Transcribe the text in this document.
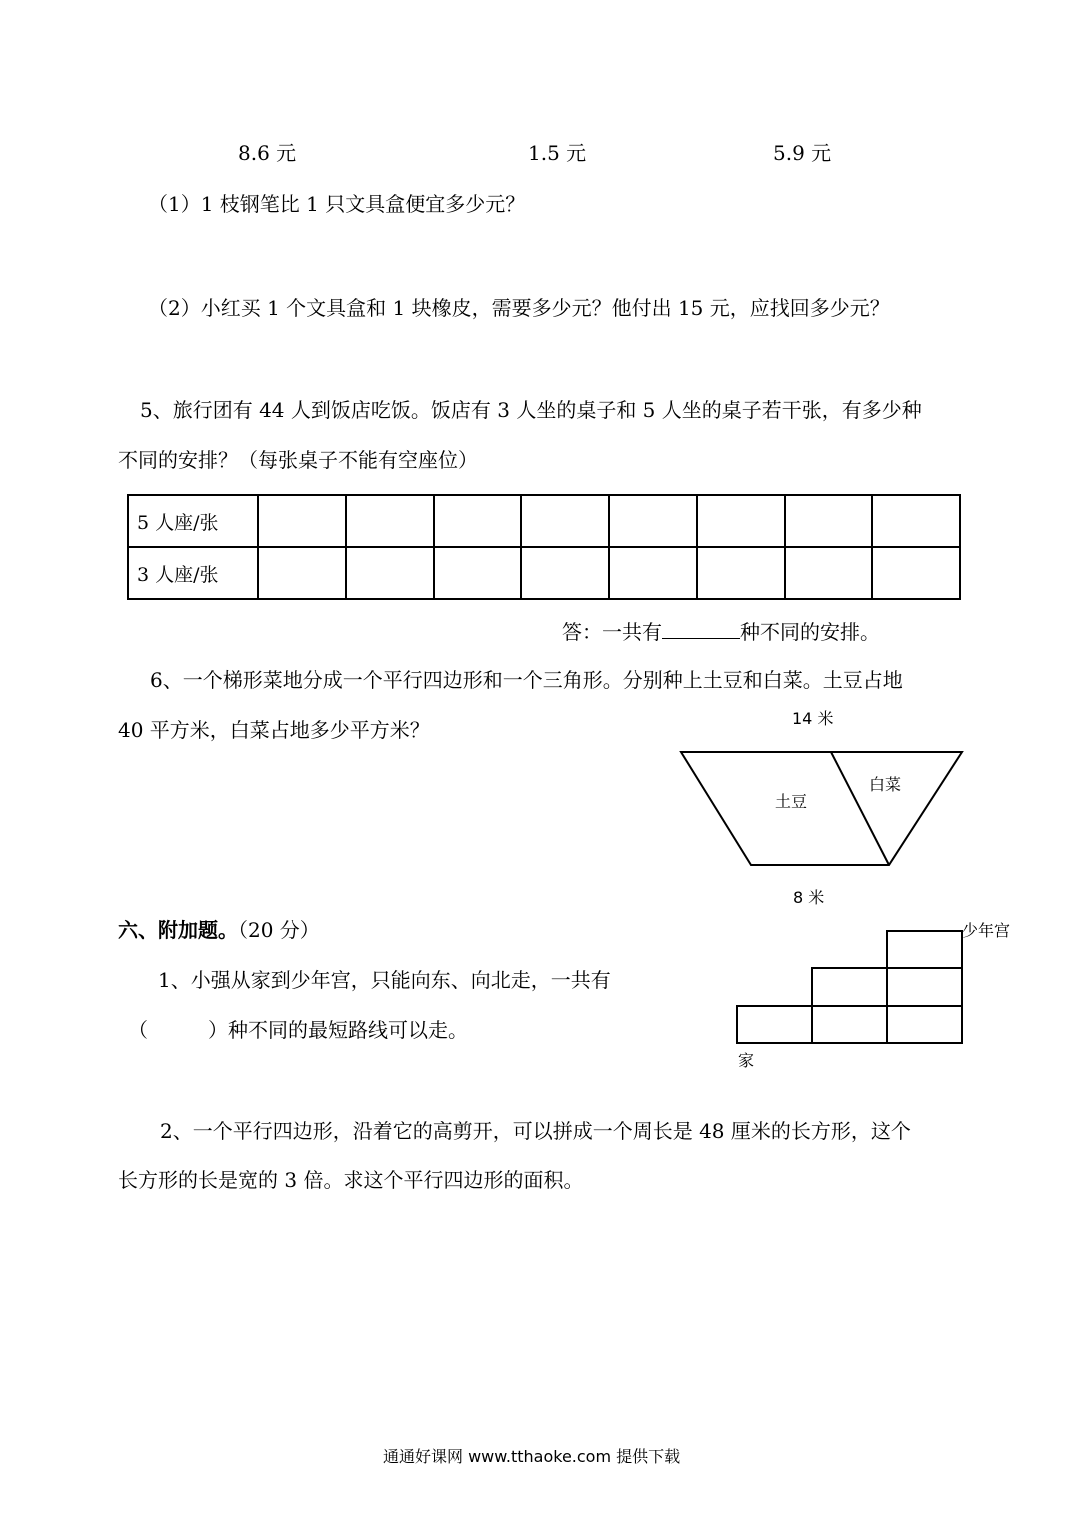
8.6 元	1.5 元	5.9 元
（1）1 枝钢笔比 1 只文具盒便宜多少元？
（2）小红买 1 个文具盒和 1 块橡皮，需要多少元？他付出 15 元，应找回多少元？
5、旅行团有 44 人到饭店吃饭。饭店有 3 人坐的桌子和 5 人坐的桌子若干张，有多少种
不同的安排？（每张桌子不能有空座位）
5 人座/张								
3 人座/张								
答：一共有	种不同的安排。
6、一个梯形菜地分成一个平行四边形和一个三角形。分别种上土豆和白菜。土豆占地
40 平方米，白菜占地多少平方米？	14 米
土豆
白菜
8 米
六、附加题。（20 分）
1、小强从家到少年宫，只能向东、向北走，一共有
（　　　）种不同的最短路线可以走。
少年宫
家
2、一个平行四边形，沿着它的高剪开，可以拼成一个周长是 48 厘米的长方形，这个
长方形的长是宽的 3 倍。求这个平行四边形的面积。
通通好课网 www.tthaoke.com 提供下载
